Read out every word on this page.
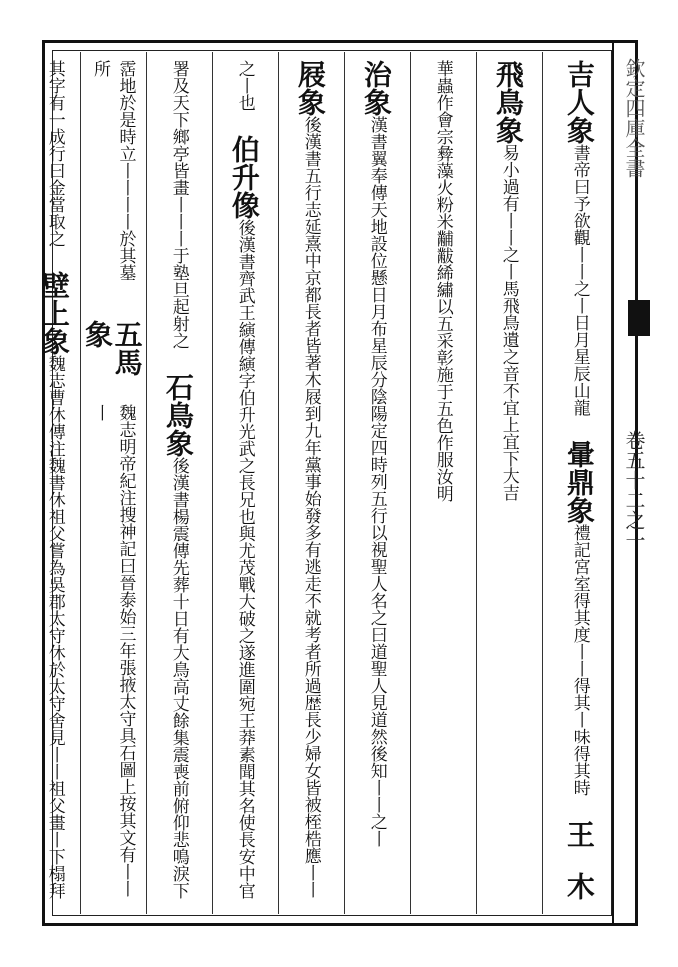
欽定四庫全書
卷五十二之一
吉人象
書帝曰予欲觀丨丨之丨日月星辰山龍
暈鼎象
禮記宮室得其度丨丨得其丨味得其時
王
木
飛鳥象
易小過有丨丨之丨馬飛鳥遺之音不宜上宜下大吉
華蟲作會宗彜藻火粉米黼黻絺繡以五采彰施于五色作服汝明
治象
漢書翼奉傳天地設位懸日月布星辰分陰陽定四時列五行以視聖人名之曰道聖人見道然後知丨丨之丨
屐象
後漢書五行志延熹中京都長者皆著木屐到九年黨事始發多有逃走不就考者所過歴長少婦女皆被桎梏應丨丨
之丨也
伯升像
後漢書齊武王縯傳縯字伯升光武之長兄也與尤茂戰大破之遂進圍宛王莽素聞其名使長安中官
署及天下鄉亭皆畫丨丨丨于塾旦起射之
石鳥象
後漢書楊震傳先葬十日有大鳥高丈餘集震喪前俯仰悲鳴淚下
霑地於是時立丨丨丨丨於其墓所
五馬象
魏志明帝紀注搜神記曰晉泰始三年張掖太守具石圖上按其文有丨丨丨
其字有一成行曰金當取之
壁上象
魏志曹休傳注魏書休祖父嘗為吳郡太守休於太守舍見丨丨祖父畫丨下榻拜
